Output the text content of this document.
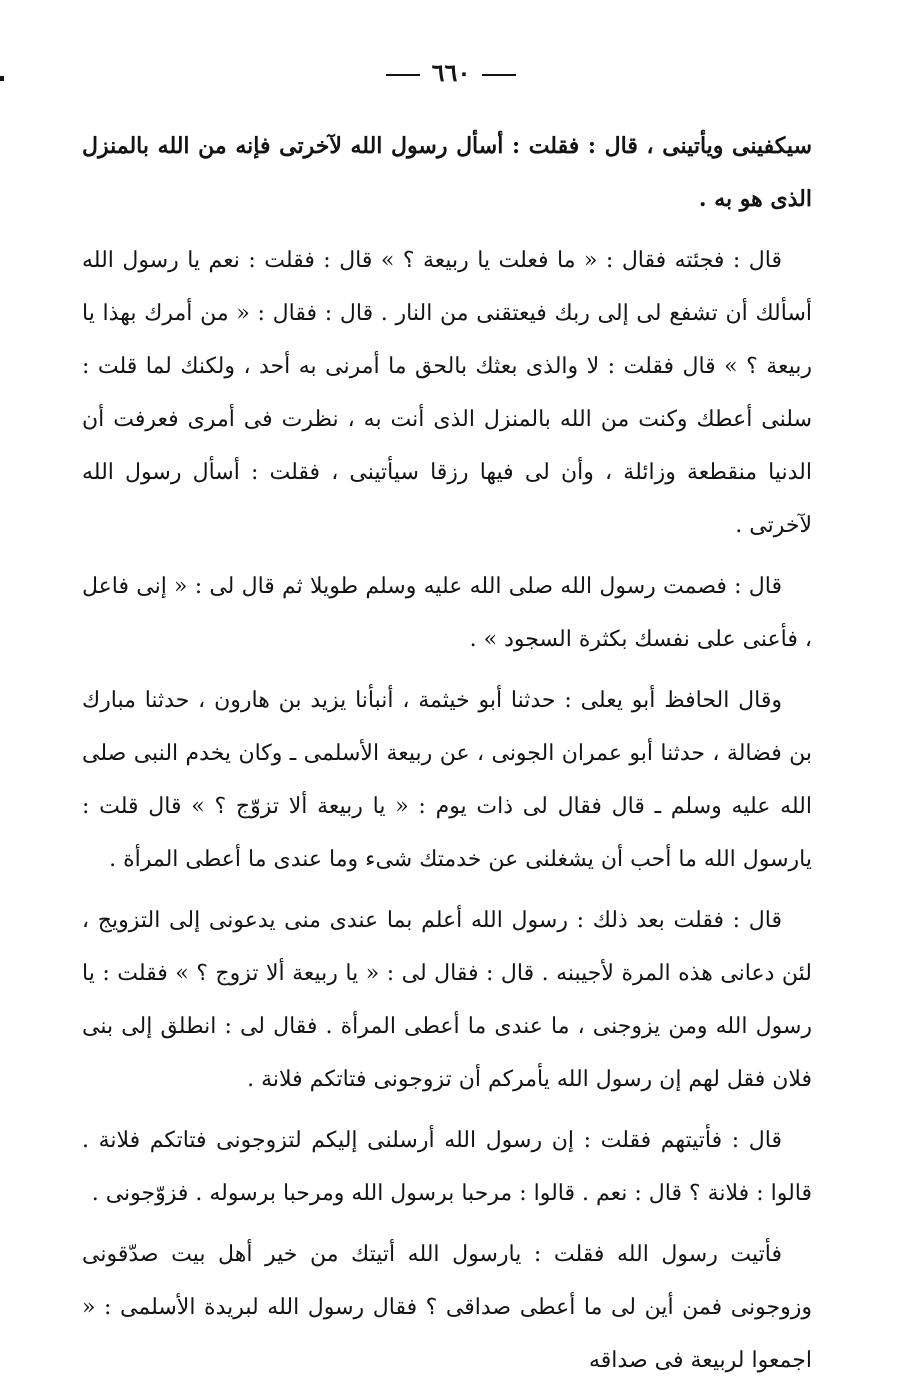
٦٦٠

سيكفينى ويأتينى ، قال : فقلت : أسأل رسول الله لآخرتى فإنه من الله بالمنزل الذى هو به .

قال : فجئته فقال : « ما فعلت يا ربيعة ؟ » قال : فقلت : نعم يا رسول الله أسألك أن تشفع لى إلى ربك فيعتقنى من النار . قال : فقال : « من أمرك بهذا يا ربيعة ؟ » قال فقلت : لا والذى بعثك بالحق ما أمرنى به أحد ، ولكنك لما قلت : سلنى أعطك وكنت من الله بالمنزل الذى أنت به ، نظرت فى أمرى فعرفت أن الدنيا منقطعة وزائلة ، وأن لى فيها رزقا سيأتينى ، فقلت : أسأل رسول الله لآخرتى .

قال : فصمت رسول الله صلى الله عليه وسلم طويلا ثم قال لى : « إنى فاعل ، فأعنى على نفسك بكثرة السجود » .

وقال الحافظ أبو يعلى : حدثنا أبو خيثمة ، أنبأنا يزيد بن هارون ، حدثنا مبارك بن فضالة ، حدثنا أبو عمران الجونى ، عن ربيعة الأسلمى ـ وكان يخدم النبى صلى الله عليه وسلم ـ قال فقال لى ذات يوم : « يا ربيعة ألا تزوّج ؟ » قال قلت : يارسول الله ما أحب أن يشغلنى عن خدمتك شىء وما عندى ما أعطى المرأة .

قال : فقلت بعد ذلك : رسول الله أعلم بما عندى منى يدعونى إلى التزويج ، لئن دعانى هذه المرة لأجيبنه . قال : فقال لى : « يا ربيعة ألا تزوج ؟ » فقلت : يا رسول الله ومن يزوجنى ، ما عندى ما أعطى المرأة . فقال لى : انطلق إلى بنى فلان فقل لهم إن رسول الله يأمركم أن تزوجونى فتاتكم فلانة .

قال : فأتيتهم فقلت : إن رسول الله أرسلنى إليكم لتزوجونى فتاتكم فلانة . قالوا : فلانة ؟ قال : نعم . قالوا : مرحبا برسول الله ومرحبا برسوله . فزوّجونى .

فأتيت رسول الله فقلت : يارسول الله أتيتك من خير أهل بيت صدّقونى وزوجونى فمن أين لى ما أعطى صداقى ؟ فقال رسول الله لبريدة الأسلمى : « اجمعوا لربيعة فى صداقه
